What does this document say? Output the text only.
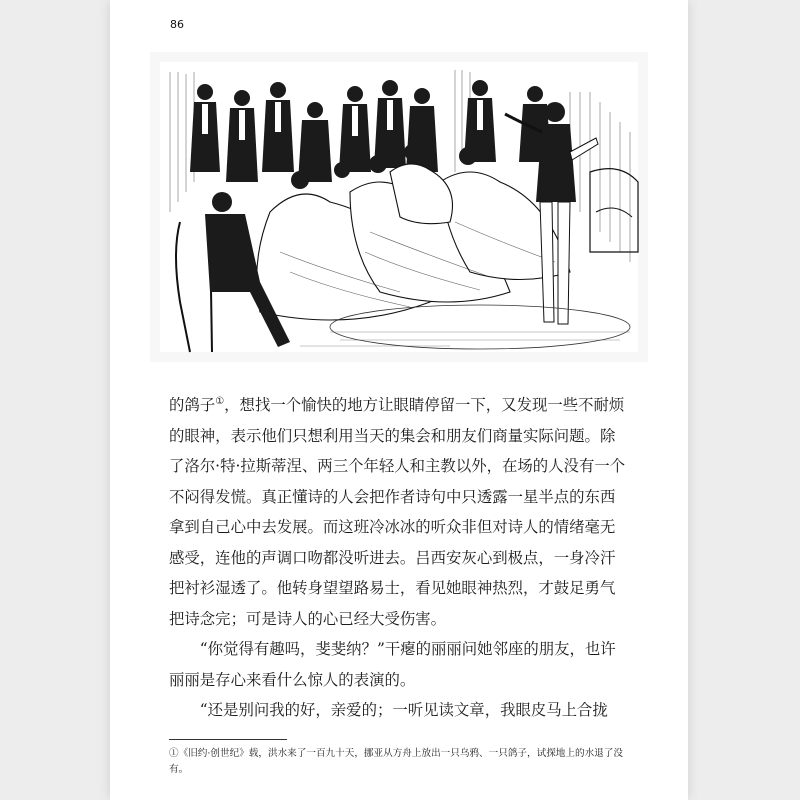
86

的鸽子①，想找一个愉快的地方让眼睛停留一下，又发现一些不耐烦的眼神，表示他们只想利用当天的集会和朋友们商量实际问题。除了洛尔·特·拉斯蒂涅、两三个年轻人和主教以外，在场的人没有一个不闷得发慌。真正懂诗的人会把作者诗句中只透露一星半点的东西拿到自己心中去发展。而这班冷冰冰的听众非但对诗人的情绪毫无感受，连他的声调口吻都没听进去。吕西安灰心到极点，一身冷汗把衬衫湿透了。他转身望望路易士，看见她眼神热烈，才鼓足勇气把诗念完；可是诗人的心已经大受伤害。

“你觉得有趣吗，斐斐纳？”干瘪的丽丽问她邻座的朋友，也许丽丽是存心来看什么惊人的表演的。

“还是别问我的好，亲爱的；一听见读文章，我眼皮马上合拢

①《旧约·创世纪》载，洪水来了一百九十天，挪亚从方舟上放出一只乌鸦、一只鸽子，试探地上的水退了没有。
